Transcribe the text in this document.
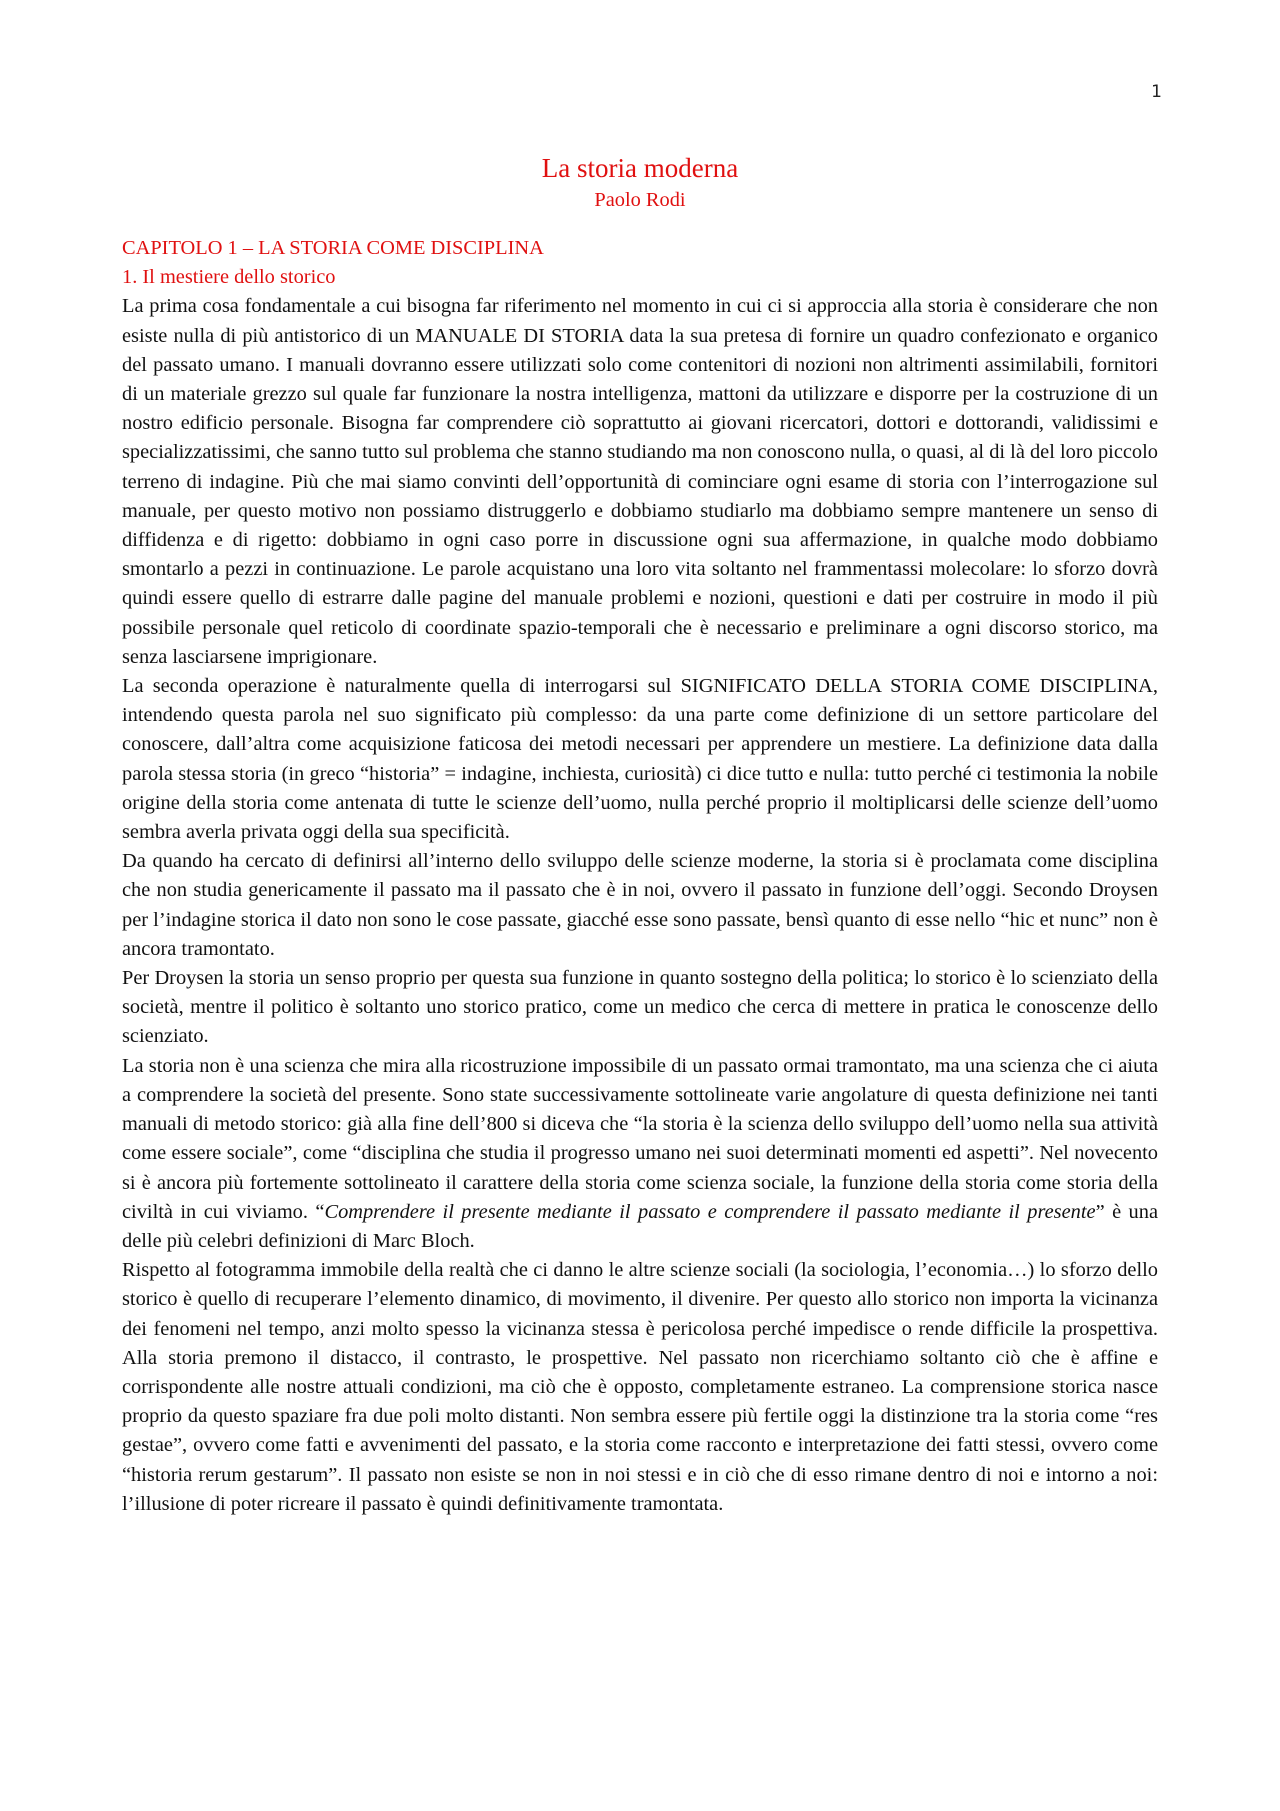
1

La storia moderna

Paolo Rodi

CAPITOLO 1 – LA STORIA COME DISCIPLINA

1. Il mestiere dello storico

La prima cosa fondamentale a cui bisogna far riferimento nel momento in cui ci si approccia alla storia è considerare che non esiste nulla di più antistorico di un MANUALE DI STORIA data la sua pretesa di fornire un quadro confezionato e organico del passato umano. I manuali dovranno essere utilizzati solo come contenitori di nozioni non altrimenti assimilabili, fornitori di un materiale grezzo sul quale far funzionare la nostra intelligenza, mattoni da utilizzare e disporre per la costruzione di un nostro edificio personale. Bisogna far comprendere ciò soprattutto ai giovani ricercatori, dottori e dottorandi, validissimi e specializzatissimi, che sanno tutto sul problema che stanno studiando ma non conoscono nulla, o quasi, al di là del loro piccolo terreno di indagine. Più che mai siamo convinti dell’opportunità di cominciare ogni esame di storia con l’interrogazione sul manuale, per questo motivo non possiamo distruggerlo e dobbiamo studiarlo ma dobbiamo sempre mantenere un senso di diffidenza e di rigetto: dobbiamo in ogni caso porre in discussione ogni sua affermazione, in qualche modo dobbiamo smontarlo a pezzi in continuazione. Le parole acquistano una loro vita soltanto nel frammentassi molecolare: lo sforzo dovrà quindi essere quello di estrarre dalle pagine del manuale problemi e nozioni, questioni e dati per costruire in modo il più possibile personale quel reticolo di coordinate spazio-temporali che è necessario e preliminare a ogni discorso storico, ma senza lasciarsene imprigionare.

La seconda operazione è naturalmente quella di interrogarsi sul SIGNIFICATO DELLA STORIA COME DISCIPLINA, intendendo questa parola nel suo significato più complesso: da una parte come definizione di un settore particolare del conoscere, dall’altra come acquisizione faticosa dei metodi necessari per apprendere un mestiere. La definizione data dalla parola stessa storia (in greco “historia” = indagine, inchiesta, curiosità) ci dice tutto e nulla: tutto perché ci testimonia la nobile origine della storia come antenata di tutte le scienze dell’uomo, nulla perché proprio il moltiplicarsi delle scienze dell’uomo sembra averla privata oggi della sua specificità.

Da quando ha cercato di definirsi all’interno dello sviluppo delle scienze moderne, la storia si è proclamata come disciplina che non studia genericamente il passato ma il passato che è in noi, ovvero il passato in funzione dell’oggi. Secondo Droysen per l’indagine storica il dato non sono le cose passate, giacché esse sono passate, bensì quanto di esse nello “hic et nunc” non è ancora tramontato.

Per Droysen la storia un senso proprio per questa sua funzione in quanto sostegno della politica; lo storico è lo scienziato della società, mentre il politico è soltanto uno storico pratico, come un medico che cerca di mettere in pratica le conoscenze dello scienziato.

La storia non è una scienza che mira alla ricostruzione impossibile di un passato ormai tramontato, ma una scienza che ci aiuta a comprendere la società del presente. Sono state successivamente sottolineate varie angolature di questa definizione nei tanti manuali di metodo storico: già alla fine dell’800 si diceva che “la storia è la scienza dello sviluppo dell’uomo nella sua attività come essere sociale”, come “disciplina che studia il progresso umano nei suoi determinati momenti ed aspetti”. Nel novecento si è ancora più fortemente sottolineato il carattere della storia come scienza sociale, la funzione della storia come storia della civiltà in cui viviamo. “Comprendere il presente mediante il passato e comprendere il passato mediante il presente” è una delle più celebri definizioni di Marc Bloch.

Rispetto al fotogramma immobile della realtà che ci danno le altre scienze sociali (la sociologia, l’economia…) lo sforzo dello storico è quello di recuperare l’elemento dinamico, di movimento, il divenire. Per questo allo storico non importa la vicinanza dei fenomeni nel tempo, anzi molto spesso la vicinanza stessa è pericolosa perché impedisce o rende difficile la prospettiva. Alla storia premono il distacco, il contrasto, le prospettive. Nel passato non ricerchiamo soltanto ciò che è affine e corrispondente alle nostre attuali condizioni, ma ciò che è opposto, completamente estraneo. La comprensione storica nasce proprio da questo spaziare fra due poli molto distanti. Non sembra essere più fertile oggi la distinzione tra la storia come “res gestae”, ovvero come fatti e avvenimenti del passato, e la storia come racconto e interpretazione dei fatti stessi, ovvero come “historia rerum gestarum”. Il passato non esiste se non in noi stessi e in ciò che di esso rimane dentro di noi e intorno a noi: l’illusione di poter ricreare il passato è quindi definitivamente tramontata.
